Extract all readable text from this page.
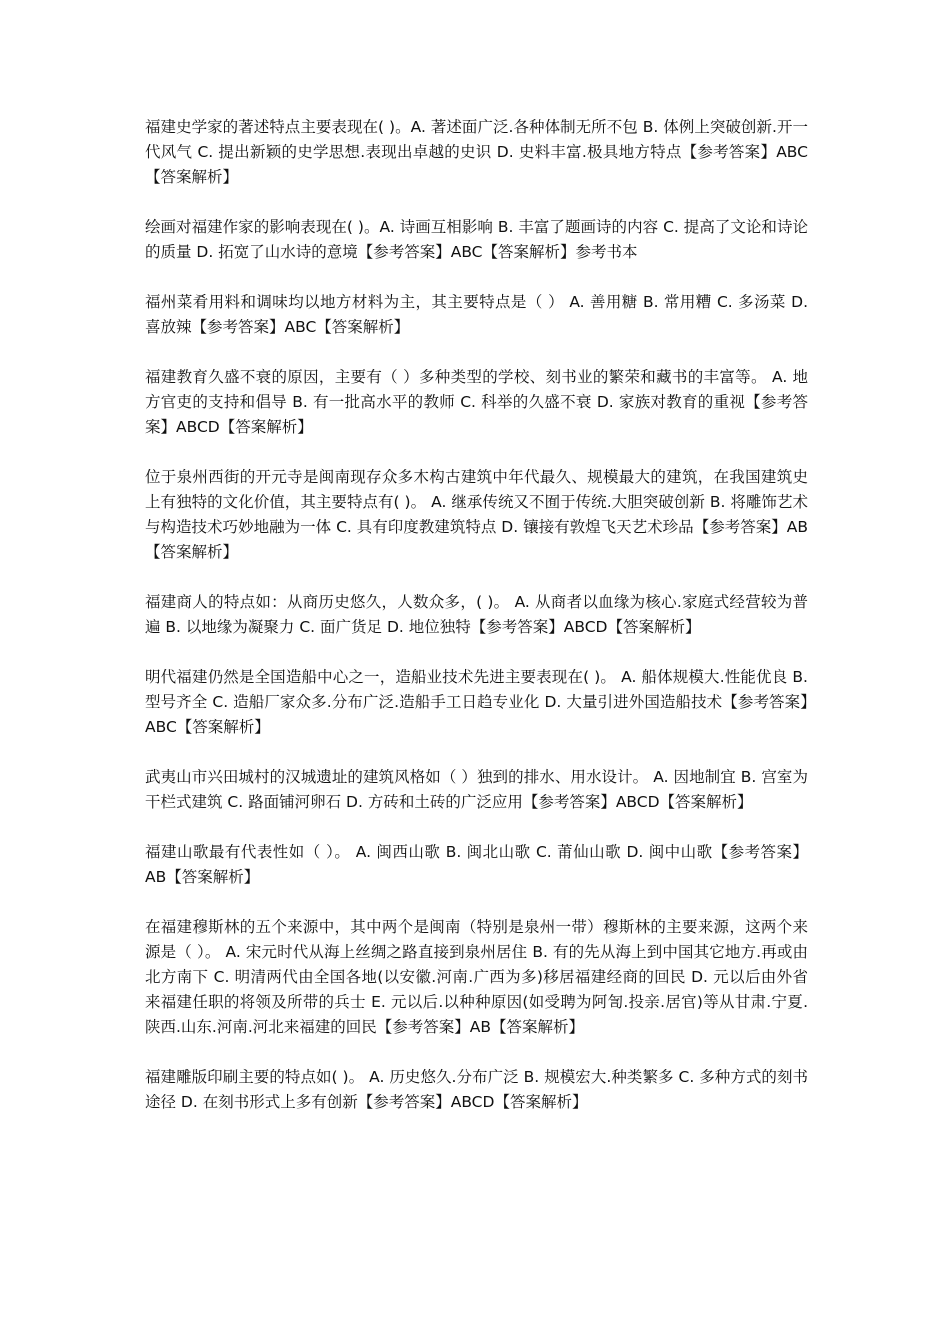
福建史学家的著述特点主要表现在( )。A. 著述面广泛.各种体制无所不包 B. 体例上突破创新.开一代风气 C. 提出新颖的史学思想.表现出卓越的史识 D. 史料丰富.极具地方特点【参考答案】ABC【答案解析】

绘画对福建作家的影响表现在( )。A. 诗画互相影响 B. 丰富了题画诗的内容 C. 提高了文论和诗论的质量 D. 拓宽了山水诗的意境【参考答案】ABC【答案解析】参考书本

福州菜肴用料和调味均以地方材料为主，其主要特点是（ ） A. 善用糖 B. 常用糟 C. 多汤菜 D. 喜放辣【参考答案】ABC【答案解析】

福建教育久盛不衰的原因，主要有（ ）多种类型的学校、刻书业的繁荣和藏书的丰富等。 A. 地方官吏的支持和倡导 B. 有一批高水平的教师 C. 科举的久盛不衰 D. 家族对教育的重视【参考答案】ABCD【答案解析】

位于泉州西街的开元寺是闽南现存众多木构古建筑中年代最久、规模最大的建筑，在我国建筑史上有独特的文化价值，其主要特点有( )。 A. 继承传统又不囿于传统.大胆突破创新 B. 将雕饰艺术与构造技术巧妙地融为一体 C. 具有印度教建筑特点 D. 镶接有敦煌飞天艺术珍品【参考答案】AB【答案解析】

福建商人的特点如：从商历史悠久，人数众多，( )。 A. 从商者以血缘为核心.家庭式经营较为普遍 B. 以地缘为凝聚力 C. 面广货足 D. 地位独特【参考答案】ABCD【答案解析】

明代福建仍然是全国造船中心之一，造船业技术先进主要表现在( )。 A. 船体规模大.性能优良 B. 型号齐全 C. 造船厂家众多.分布广泛.造船手工日趋专业化 D. 大量引进外国造船技术【参考答案】ABC【答案解析】

武夷山市兴田城村的汉城遗址的建筑风格如（ ）独到的排水、用水设计。 A. 因地制宜 B. 宫室为干栏式建筑 C. 路面铺河卵石 D. 方砖和土砖的广泛应用【参考答案】ABCD【答案解析】

福建山歌最有代表性如（ ）。 A. 闽西山歌 B. 闽北山歌 C. 莆仙山歌 D. 闽中山歌【参考答案】AB【答案解析】

在福建穆斯林的五个来源中，其中两个是闽南（特别是泉州一带）穆斯林的主要来源，这两个来源是（ ）。 A. 宋元时代从海上丝绸之路直接到泉州居住 B. 有的先从海上到中国其它地方.再或由北方南下 C. 明清两代由全国各地(以安徽.河南.广西为多)移居福建经商的回民 D. 元以后由外省来福建任职的将领及所带的兵士 E. 元以后.以种种原因(如受聘为阿訇.投亲.居官)等从甘肃.宁夏.陕西.山东.河南.河北来福建的回民【参考答案】AB【答案解析】

福建雕版印刷主要的特点如( )。 A. 历史悠久.分布广泛 B. 规模宏大.种类繁多 C. 多种方式的刻书途径 D. 在刻书形式上多有创新【参考答案】ABCD【答案解析】
